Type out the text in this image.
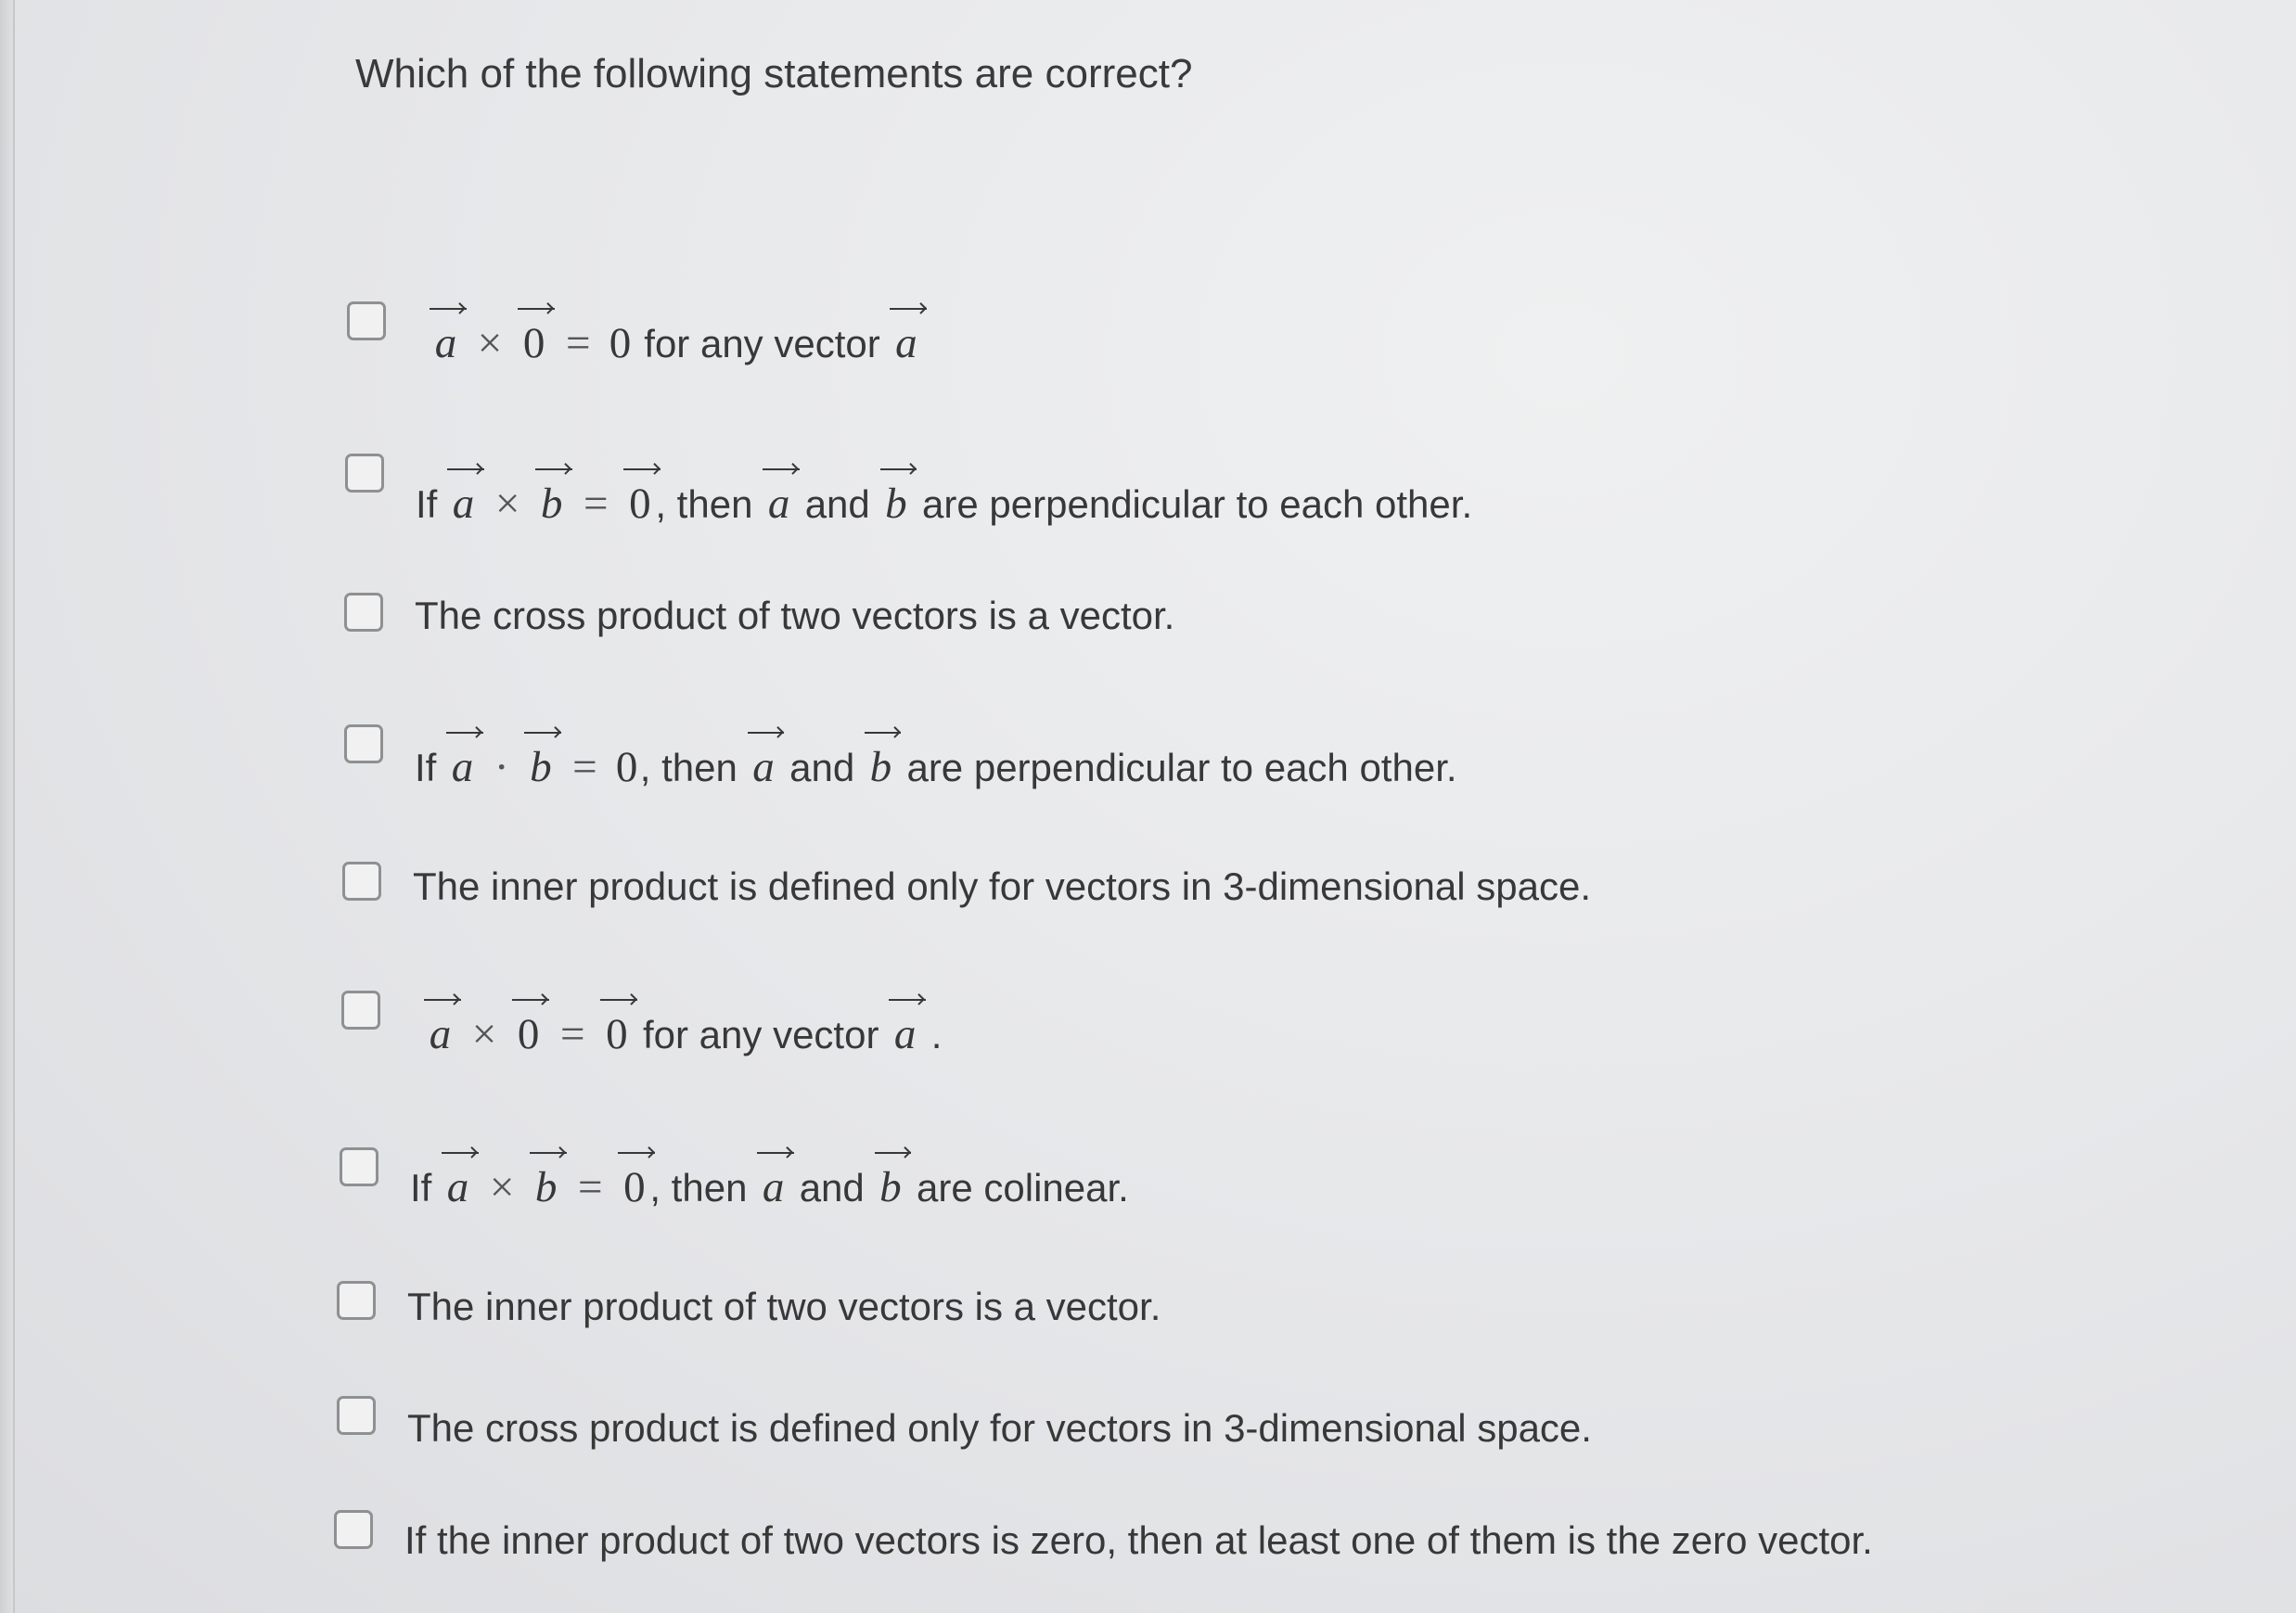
Which of the following statements are correct?
a × 0 = 0 for any vector a
If a × b = 0 , then a and b are perpendicular to each other.
The cross product of two vectors is a vector.
If a · b = 0, then a and b are perpendicular to each other.
The inner product is defined only for vectors in 3-dimensional space.
a × 0 = 0 for any vector a .
If a × b = 0 , then a and b are colinear.
The inner product of two vectors is a vector.
The cross product is defined only for vectors in 3-dimensional space.
If the inner product of two vectors is zero, then at least one of them is the zero vector.
